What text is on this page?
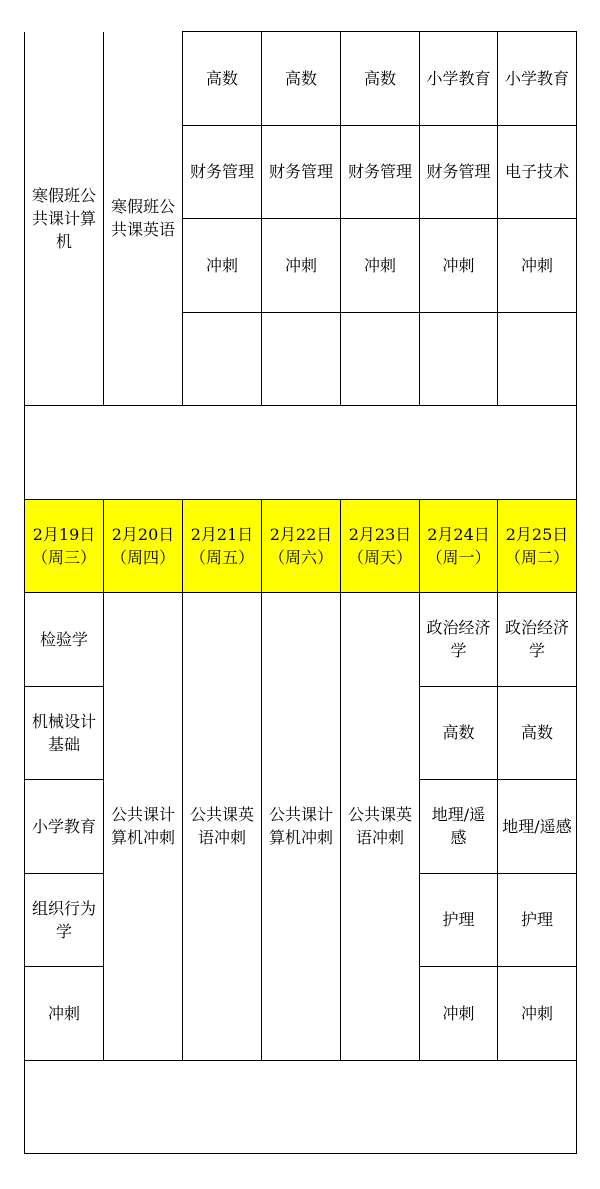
寒假班公共课计算机	寒假班公共课英语	高数	高数	高数	小学教育	小学教育
		财务管理	财务管理	财务管理	财务管理	电子技术
		冲刺	冲刺	冲刺	冲刺	冲刺

2月19日（周三）	2月20日（周四）	2月21日（周五）	2月22日（周六）	2月23日（周天）	2月24日（周一）	2月25日（周二）
检验学	公共课计算机冲刺	公共课英语冲刺	公共课计算机冲刺	公共课英语冲刺	政治经济学	政治经济学
机械设计基础					高数	高数
小学教育					地理/遥感	地理/遥感
组织行为学					护理	护理
冲刺					冲刺	冲刺
